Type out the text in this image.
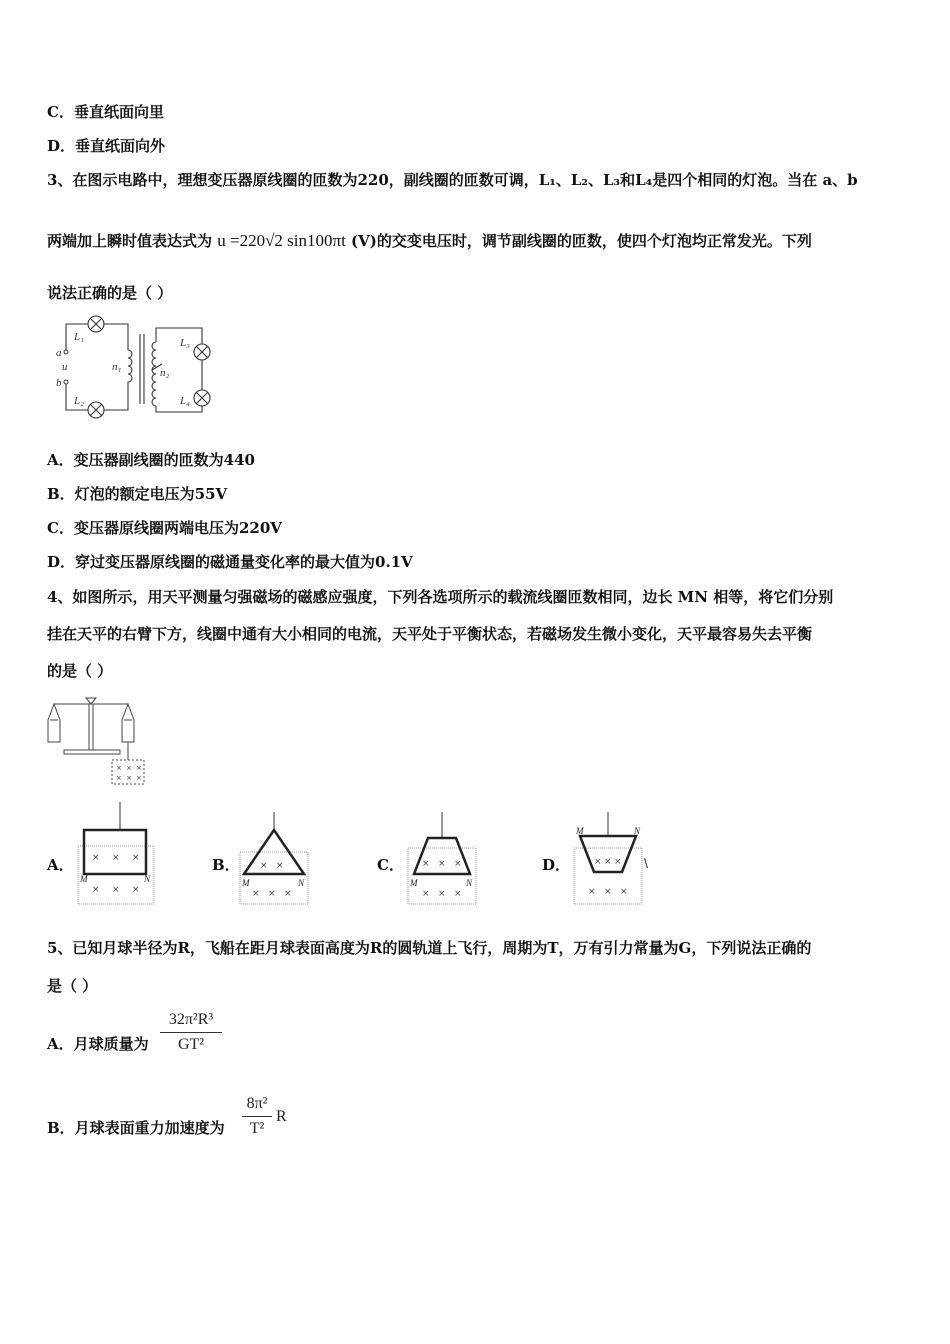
C．垂直纸面向里
D．垂直纸面向外
3、在图示电路中，理想变压器原线圈的匝数为220，副线圈的匝数可调，L₁、L₂、L₃和L₄是四个相同的灯泡。当在 a、b
两端加上瞬时值表达式为 u =220√2 sin100πt (V)的交变电压时，调节副线圈的匝数，使四个灯泡均正常发光。下列
说法正确的是（ ）
L₁
L₂
L₃
L₄
a
b
u	n₁	n₂
A．变压器副线圈的匝数为440
B．灯泡的额定电压为55V
C．变压器原线圈两端电压为220V
D．穿过变压器原线圈的磁通量变化率的最大值为0.1V
4、如图所示，用天平测量匀强磁场的磁感应强度，下列各选项所示的载流线圈匝数相同，边长 MN 相等，将它们分别
挂在天平的右臂下方，线圈中通有大小相同的电流，天平处于平衡状态，若磁场发生微小变化，天平最容易失去平衡
的是（ ）
× × ×
× × ×
A．	B．	C．	D．
× × ×
× × ×
M	N
× ×
× × ×
M	N
× × ×
× × ×
M	N
× × ×
× × ×
M	N
\
5、已知月球半径为R，飞船在距月球表面高度为R的圆轨道上飞行，周期为T，万有引力常量为G，下列说法正确的
是（ ）
A．月球质量为
32π²R³
GT²
B．月球表面重力加速度为
8π²
T²
R
